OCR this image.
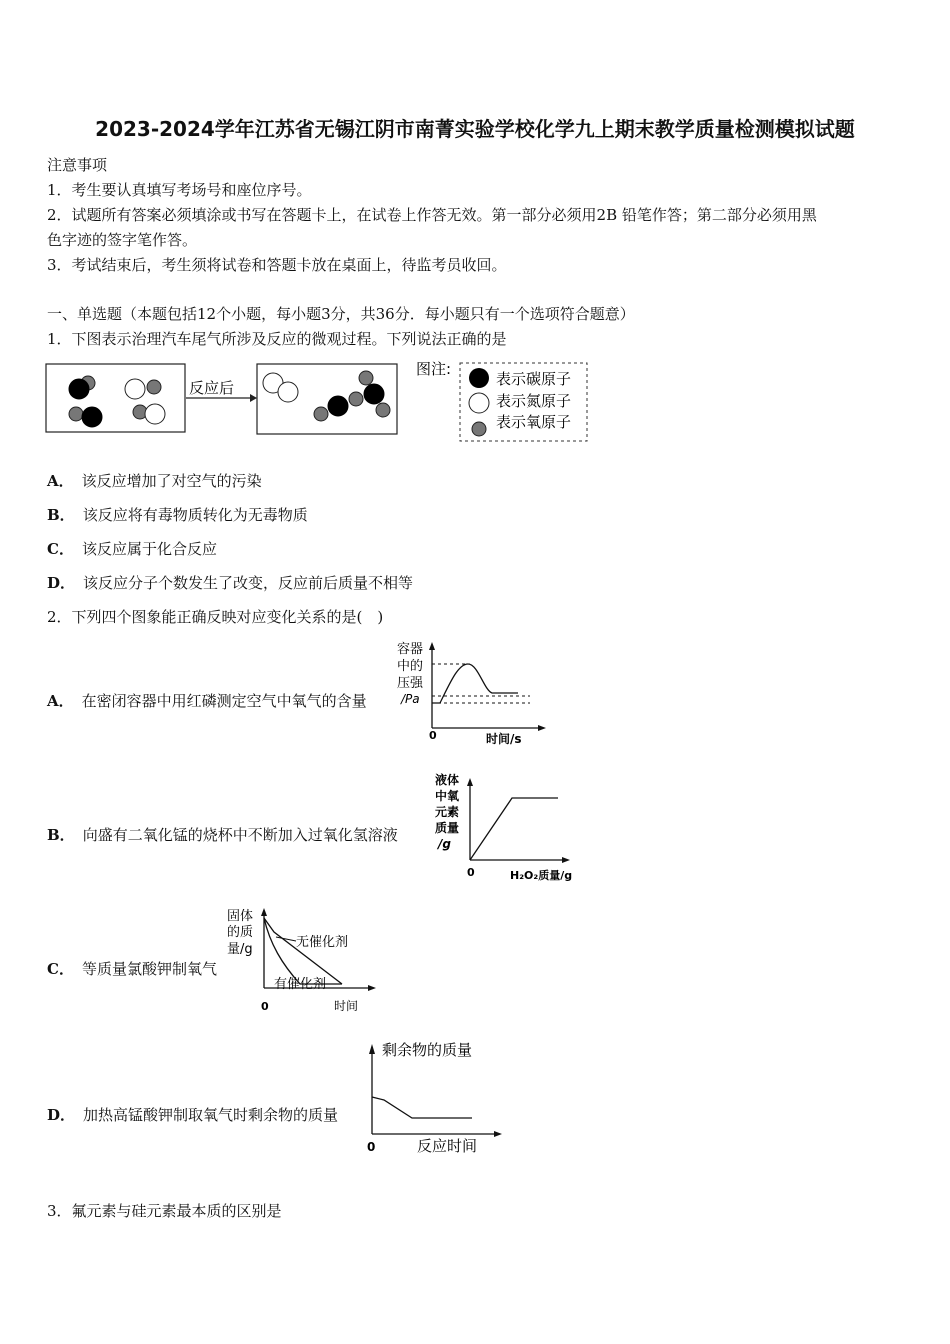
2023-2024学年江苏省无锡江阴市南菁实验学校化学九上期末教学质量检测模拟试题
注意事项
1．考生要认真填写考场号和座位序号。
2．试题所有答案必须填涂或书写在答题卡上，在试卷上作答无效。第一部分必须用2B 铅笔作答；第二部分必须用黑
色字迹的签字笔作答。
3．考试结束后，考生须将试卷和答题卡放在桌面上，待监考员收回。
一、单选题（本题包括12个小题，每小题3分，共36分．每小题只有一个选项符合题意）
1．下图表示治理汽车尾气所涉及反应的微观过程。下列说法正确的是
反应后
图注:
表示碳原子
表示氮原子
表示氧原子
A． 该反应增加了对空气的污染
B． 该反应将有毒物质转化为无毒物质
C． 该反应属于化合反应
D． 该反应分子个数发生了改变，反应前后质量不相等
2．下列四个图象能正确反映对应变化关系的是(　)
A． 在密闭容器中用红磷测定空气中氧气的含量
容器
中的
压强
/Pa
0	时间/s
B． 向盛有二氧化锰的烧杯中不断加入过氧化氢溶液
液体
中氧
元素
质量
/g
0	H₂O₂质量/g
C． 等质量氯酸钾制氧气
固体
的质
量/g	无催化剂
有催化剂
0	时间
D． 加热高锰酸钾制取氧气时剩余物的质量
剩余物的质量
0	反应时间
3．氟元素与硅元素最本质的区别是
